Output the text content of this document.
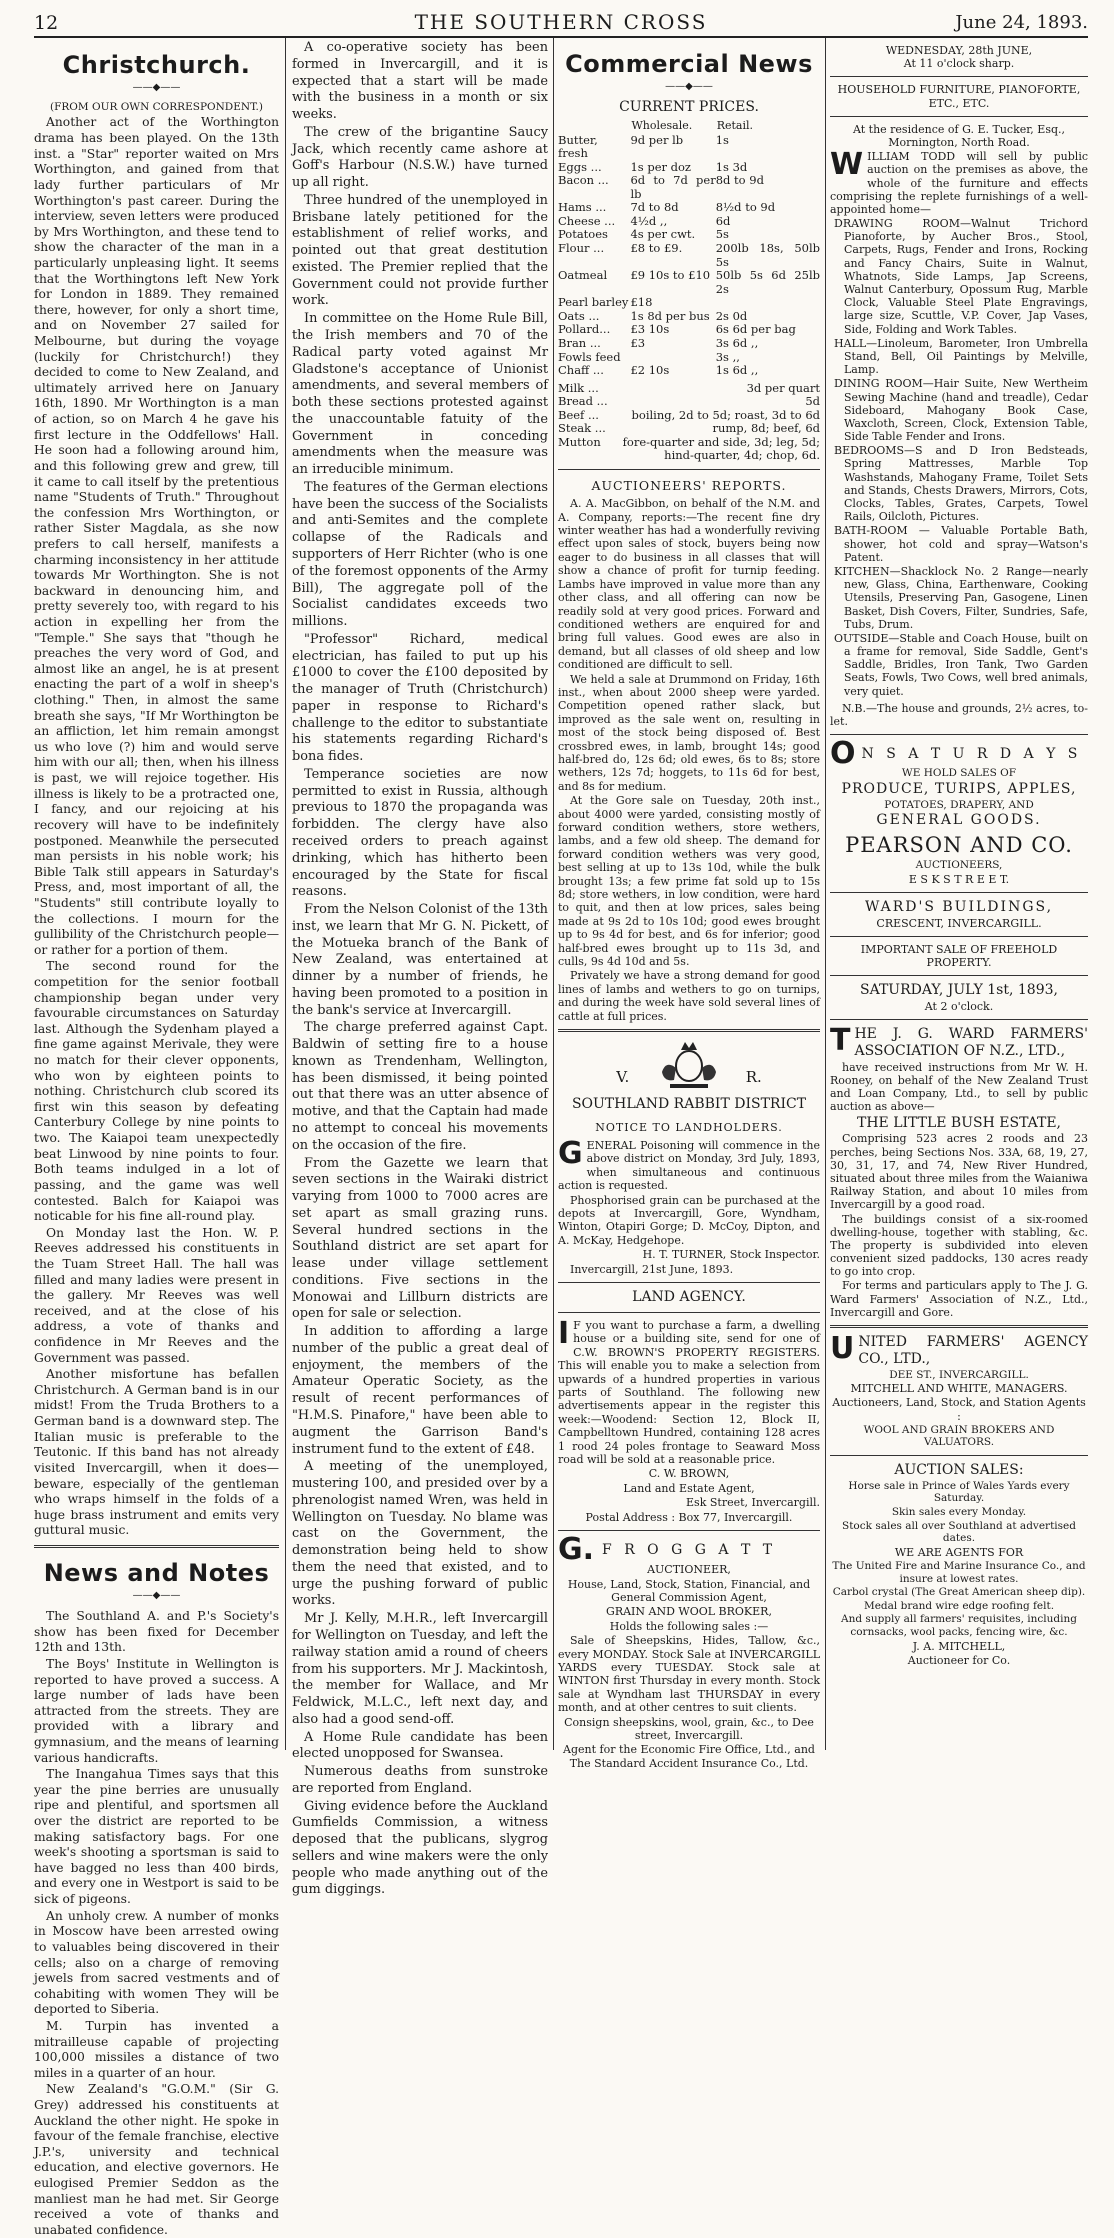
12	THE SOUTHERN CROSS	June 24, 1893.
Christchurch.
——◆——

(FROM OUR OWN CORRESPONDENT.)

Another act of the Worthington drama has been played. On the 13th inst. a "Star" reporter waited on Mrs Worthington, and gained from that lady further particulars of Mr Worthington's past career. During the interview, seven letters were produced by Mrs Worthington, and these tend to show the character of the man in a particularly unpleasing light. It seems that the Worthingtons left New York for London in 1889. They remained there, however, for only a short time, and on November 27 sailed for Melbourne, but during the voyage (luckily for Christchurch!) they decided to come to New Zealand, and ultimately arrived here on January 16th, 1890. Mr Worthington is a man of action, so on March 4 he gave his first lecture in the Oddfellows' Hall. He soon had a following around him, and this following grew and grew, till it came to call itself by the pretentious name "Students of Truth." Throughout the confession Mrs Worthington, or rather Sister Magdala, as she now prefers to call herself, manifests a charming inconsistency in her attitude towards Mr Worthington. She is not backward in denouncing him, and pretty severely too, with regard to his action in expelling her from the "Temple." She says that "though he preaches the very word of God, and almost like an angel, he is at present enacting the part of a wolf in sheep's clothing." Then, in almost the same breath she says, "If Mr Worthington be an affliction, let him remain amongst us who love (?) him and would serve him with our all; then, when his illness is past, we will rejoice together. His illness is likely to be a protracted one, I fancy, and our rejoicing at his recovery will have to be indefinitely postponed. Meanwhile the persecuted man persists in his noble work; his Bible Talk still appears in Saturday's Press, and, most important of all, the "Students" still contribute loyally to the collections. I mourn for the gullibility of the Christchurch people—or rather for a portion of them.

The second round for the competition for the senior football championship began under very favourable circumstances on Saturday last. Although the Sydenham played a fine game against Merivale, they were no match for their clever opponents, who won by eighteen points to nothing. Christchurch club scored its first win this season by defeating Canterbury College by nine points to two. The Kaiapoi team unexpectedly beat Linwood by nine points to four. Both teams indulged in a lot of passing, and the game was well contested. Balch for Kaiapoi was noticable for his fine all-round play.

On Monday last the Hon. W. P. Reeves addressed his constituents in the Tuam Street Hall. The hall was filled and many ladies were present in the gallery. Mr Reeves was well received, and at the close of his address, a vote of thanks and confidence in Mr Reeves and the Government was passed.

Another misfortune has befallen Christchurch. A German band is in our midst! From the Truda Brothers to a German band is a downward step. The Italian music is preferable to the Teutonic. If this band has not already visited Invercargill, when it does—beware, especially of the gentleman who wraps himself in the folds of a huge brass instrument and emits very guttural music.

News and Notes
——◆——

The Southland A. and P.'s Society's show has been fixed for December 12th and 13th.

The Boys' Institute in Wellington is reported to have proved a success. A large number of lads have been attracted from the streets. They are provided with a library and gymnasium, and the means of learning various handicrafts.

The Inangahua Times says that this year the pine berries are unusually ripe and plentiful, and sportsmen all over the district are reported to be making satisfactory bags. For one week's shooting a sportsman is said to have bagged no less than 400 birds, and every one in Westport is said to be sick of pigeons.

An unholy crew. A number of monks in Moscow have been arrested owing to valuables being discovered in their cells; also on a charge of removing jewels from sacred vestments and of cohabiting with women They will be deported to Siberia.

M. Turpin has invented a mitrailleuse capable of projecting 100,000 missiles a distance of two miles in a quarter of an hour.

New Zealand's "G.O.M." (Sir G. Grey) addressed his constituents at Auckland the other night. He spoke in favour of the female franchise, elective J.P.'s, university and technical education, and elective governors. He eulogised Premier Seddon as the manliest man he had met. Sir George received a vote of thanks and unabated confidence.

A co-operative society has been formed in Invercargill, and it is expected that a start will be made with the business in a month or six weeks.

The crew of the brigantine Saucy Jack, which recently came ashore at Goff's Harbour (N.S.W.) have turned up all right.

Three hundred of the unemployed in Brisbane lately petitioned for the establishment of relief works, and pointed out that great destitution existed. The Premier replied that the Government could not provide further work.

In committee on the Home Rule Bill, the Irish members and 70 of the Radical party voted against Mr Gladstone's acceptance of Unionist amendments, and several members of both these sections protested against the unaccountable fatuity of the Government in conceding amendments when the measure was an irreducible minimum.

The features of the German elections have been the success of the Socialists and anti-Semites and the complete collapse of the Radicals and supporters of Herr Richter (who is one of the foremost opponents of the Army Bill), The aggregate poll of the Socialist candidates exceeds two millions.

"Professor" Richard, medical electrician, has failed to put up his £1000 to cover the £100 deposited by the manager of Truth (Christchurch) paper in response to Richard's challenge to the editor to substantiate his statements regarding Richard's bona fides.

Temperance societies are now permitted to exist in Russia, although previous to 1870 the propaganda was forbidden. The clergy have also received orders to preach against drinking, which has hitherto been encouraged by the State for fiscal reasons.

From the Nelson Colonist of the 13th inst, we learn that Mr G. N. Pickett, of the Motueka branch of the Bank of New Zealand, was entertained at dinner by a number of friends, he having been promoted to a position in the bank's service at Invercargill.

The charge preferred against Capt. Baldwin of setting fire to a house known as Trendenham, Wellington, has been dismissed, it being pointed out that there was an utter absence of motive, and that the Captain had made no attempt to conceal his movements on the occasion of the fire.

From the Gazette we learn that seven sections in the Wairaki district varying from 1000 to 7000 acres are set apart as small grazing runs. Several hundred sections in the Southland district are set apart for lease under village settlement conditions. Five sections in the Monowai and Lillburn districts are open for sale or selection.

In addition to affording a large number of the public a great deal of enjoyment, the members of the Amateur Operatic Society, as the result of recent performances of "H.M.S. Pinafore," have been able to augment the Garrison Band's instrument fund to the extent of £48.

A meeting of the unemployed, mustering 100, and presided over by a phrenologist named Wren, was held in Wellington on Tuesday. No blame was cast on the Government, the demonstration being held to show them the need that existed, and to urge the pushing forward of public works.

Mr J. Kelly, M.H.R., left Invercargill for Wellington on Tuesday, and left the railway station amid a round of cheers from his supporters. Mr J. Mackintosh, the member for Wallace, and Mr Feldwick, M.L.C., left next day, and also had a good send-off.

A Home Rule candidate has been elected unopposed for Swansea.

Numerous deaths from sunstroke are reported from England.

Giving evidence before the Auckland Gumfields Commission, a witness deposed that the publicans, slygrog sellers and wine makers were the only people who made anything out of the gum diggings.

Commercial News
——◆——
CURRENT PRICES.
	Wholesale.	Retail.
Butter, fresh	9d per lb	1s
Eggs ...	1s per doz	1s 3d
Bacon ...	6d to 7d per lb	8d to 9d
Hams ...	7d to 8d	8½d to 9d
Cheese ...	4½d ,,	6d
Potatoes	4s per cwt.	5s
Flour ...	£8 to £9.	200lb 18s, 50lb 5s
Oatmeal	£9 10s to £10	50lb 5s 6d 25lb 2s
Pearl barley	£18	
Oats ...	1s 8d per bus	2s 0d
Pollard...	£3 10s	6s 6d per bag
Bran ...	£3	3s 6d ,,
Fowls feed		3s ,,
Chaff ...	£2 10s	1s 6d ,,
Milk ...	3d per quart
Bread ...	5d
Beef ...	boiling, 2d to 5d; roast, 3d to 6d
Steak ...	rump, 8d; beef, 6d
Mutton	fore-quarter and side, 3d; leg, 5d; hind-quarter, 4d; chop, 6d.
AUCTIONEERS' REPORTS.

A. A. MacGibbon, on behalf of the N.M. and A. Company, reports:—The recent fine dry winter weather has had a wonderfully reviving effect upon sales of stock, buyers being now eager to do business in all classes that will show a chance of profit for turnip feeding. Lambs have improved in value more than any other class, and all offering can now be readily sold at very good prices. Forward and conditioned wethers are enquired for and bring full values. Good ewes are also in demand, but all classes of old sheep and low conditioned are difficult to sell.

We held a sale at Drummond on Friday, 16th inst., when about 2000 sheep were yarded. Competition opened rather slack, but improved as the sale went on, resulting in most of the stock being disposed of. Best crossbred ewes, in lamb, brought 14s; good half-bred do, 12s 6d; old ewes, 6s to 8s; store wethers, 12s 7d; hoggets, to 11s 6d for best, and 8s for medium.

At the Gore sale on Tuesday, 20th inst., about 4000 were yarded, consisting mostly of forward condition wethers, store wethers, lambs, and a few old sheep. The demand for forward condition wethers was very good, best selling at up to 13s 10d, while the bulk brought 13s; a few prime fat sold up to 15s 8d; store wethers, in low condition, were hard to quit, and then at low prices, sales being made at 9s 2d to 10s 10d; good ewes brought up to 9s 4d for best, and 6s for inferior; good half-bred ewes brought up to 11s 3d, and culls, 9s 4d 10d and 5s.

Privately we have a strong demand for good lines of lambs and wethers to go on turnips, and during the week have sold several lines of cattle at full prices.

V.	R.
SOUTHLAND RABBIT DISTRICT
NOTICE TO LANDHOLDERS.

GENERAL Poisoning will commence in the above district on Monday, 3rd July, 1893, when simultaneous and continuous action is requested.

Phosphorised grain can be purchased at the depots at Invercargill, Gore, Wyndham, Winton, Otapiri Gorge; D. McCoy, Dipton, and A. McKay, Hedgehope.

H. T. TURNER, Stock Inspector.

Invercargill, 21st June, 1893.

LAND AGENCY.

I F you want to purchase a farm, a dwelling house or a building site, send for one of C.W. BROWN'S PROPERTY REGISTERS. This will enable you to make a selection from upwards of a hundred properties in various parts of Southland. The following new advertisements appear in the register this week:—Woodend: Section 12, Block II, Campbelltown Hundred, containing 128 acres 1 rood 24 poles frontage to Seaward Moss road will be sold at a reasonable price.

C. W. BROWN,

Land and Estate Agent,

Esk Street, Invercargill.

Postal Address : Box 77, Invercargill.

G. F R O G G A T T

AUCTIONEER,

House, Land, Stock, Station, Financial, and General Commission Agent,

GRAIN AND WOOL BROKER,

Holds the following sales :—

Sale of Sheepskins, Hides, Tallow, &c., every MONDAY. Stock Sale at INVERCARGILL YARDS every TUESDAY. Stock sale at WINTON first Thursday in every month. Stock sale at Wyndham last THURSDAY in every month, and at other centres to suit clients.

Consign sheepskins, wool, grain, &c., to Dee street, Invercargill.

Agent for the Economic Fire Office, Ltd., and The Standard Accident Insurance Co., Ltd.

WEDNESDAY, 28th JUNE,
At 11 o'clock sharp.
HOUSEHOLD FURNITURE, PIANOFORTE, ETC., ETC.

At the residence of G. E. Tucker, Esq., Mornington, North Road.

WILLIAM TODD will sell by public auction on the premises as above, the whole of the furniture and effects comprising the replete furnishings of a well-appointed home—

DRAWING ROOM—Walnut Trichord Pianoforte, by Aucher Bros., Stool, Carpets, Rugs, Fender and Irons, Rocking and Fancy Chairs, Suite in Walnut, Whatnots, Side Lamps, Jap Screens, Walnut Canterbury, Opossum Rug, Marble Clock, Valuable Steel Plate Engravings, large size, Scuttle, V.P. Cover, Jap Vases, Side, Folding and Work Tables.

HALL—Linoleum, Barometer, Iron Umbrella Stand, Bell, Oil Paintings by Melville, Lamp.

DINING ROOM—Hair Suite, New Wertheim Sewing Machine (hand and treadle), Cedar Sideboard, Mahogany Book Case, Waxcloth, Screen, Clock, Extension Table, Side Table Fender and Irons.

BEDROOMS—S and D Iron Bedsteads, Spring Mattresses, Marble Top Washstands, Mahogany Frame, Toilet Sets and Stands, Chests Drawers, Mirrors, Cots, Clocks, Tables, Grates, Carpets, Towel Rails, Oilcloth, Pictures.

BATH-ROOM — Valuable Portable Bath, shower, hot cold and spray—Watson's Patent.

KITCHEN—Shacklock No. 2 Range—nearly new, Glass, China, Earthenware, Cooking Utensils, Preserving Pan, Gasogene, Linen Basket, Dish Covers, Filter, Sundries, Safe, Tubs, Drum.

OUTSIDE—Stable and Coach House, built on a frame for removal, Side Saddle, Gent's Saddle, Bridles, Iron Tank, Two Garden Seats, Fowls, Two Cows, well bred animals, very quiet.

N.B.—The house and grounds, 2½ acres, to-let.

O N S A T U R D A Y S

WE HOLD SALES OF

PRODUCE, TURIPS, APPLES,

POTATOES, DRAPERY, AND

GENERAL GOODS.

PEARSON AND CO.

AUCTIONEERS,

E S K S T R E E T.

WARD'S BUILDINGS,

CRESCENT, INVERCARGILL.

IMPORTANT SALE OF FREEHOLD PROPERTY.

SATURDAY, JULY 1st, 1893,

At 2 o'clock.

THE J. G. WARD FARMERS' ASSOCIATION OF N.Z., LTD.,

have received instructions from Mr W. H. Rooney, on behalf of the New Zealand Trust and Loan Company, Ltd., to sell by public auction as above—

THE LITTLE BUSH ESTATE,

Comprising 523 acres 2 roods and 23 perches, being Sections Nos. 33A, 68, 19, 27, 30, 31, 17, and 74, New River Hundred, situated about three miles from the Waianiwa Railway Station, and about 10 miles from Invercargill by a good road.

The buildings consist of a six-roomed dwelling-house, together with stabling, &c. The property is subdivided into eleven convenient sized paddocks, 130 acres ready to go into crop.

For terms and particulars apply to The J. G. Ward Farmers' Association of N.Z., Ltd., Invercargill and Gore.

UNITED FARMERS' AGENCY CO., LTD.,

DEE ST., INVERCARGILL.

MITCHELL AND WHITE, MANAGERS.

Auctioneers, Land, Stock, and Station Agents :

WOOL AND GRAIN BROKERS AND VALUATORS.

AUCTION SALES:

Horse sale in Prince of Wales Yards every Saturday.

Skin sales every Monday.

Stock sales all over Southland at advertised dates.

WE ARE AGENTS FOR

The United Fire and Marine Insurance Co., and insure at lowest rates.

Carbol crystal (The Great American sheep dip).

Medal brand wire edge roofing felt.

And supply all farmers' requisites, including cornsacks, wool packs, fencing wire, &c.

J. A. MITCHELL,

Auctioneer for Co.
